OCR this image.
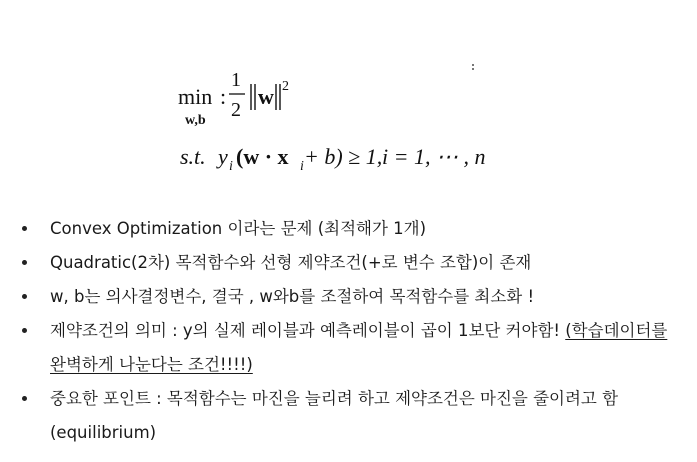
min
w,b
:
1
2
w 2
s.t. y i (w · x i + b) ≥ 1, i = 1, ⋯ , n
Convex Optimization 이라는 문제 (최적해가 1개)
Quadratic(2차) 목적함수와 선형 제약조건(+로 변수 조합)이 존재
w, b는 의사결정변수, 결국 , w와b를 조절하여 목적함수를 최소화 !
제약조건의 의미 : y의 실제 레이블과 예측레이블이 곱이 1보단 커야함! (학습데이터를 완벽하게 나눈다는 조건!!!!)
중요한 포인트 : 목적함수는 마진을 늘리려 하고 제약조건은 마진을 줄이려고 함 (equilibrium)
